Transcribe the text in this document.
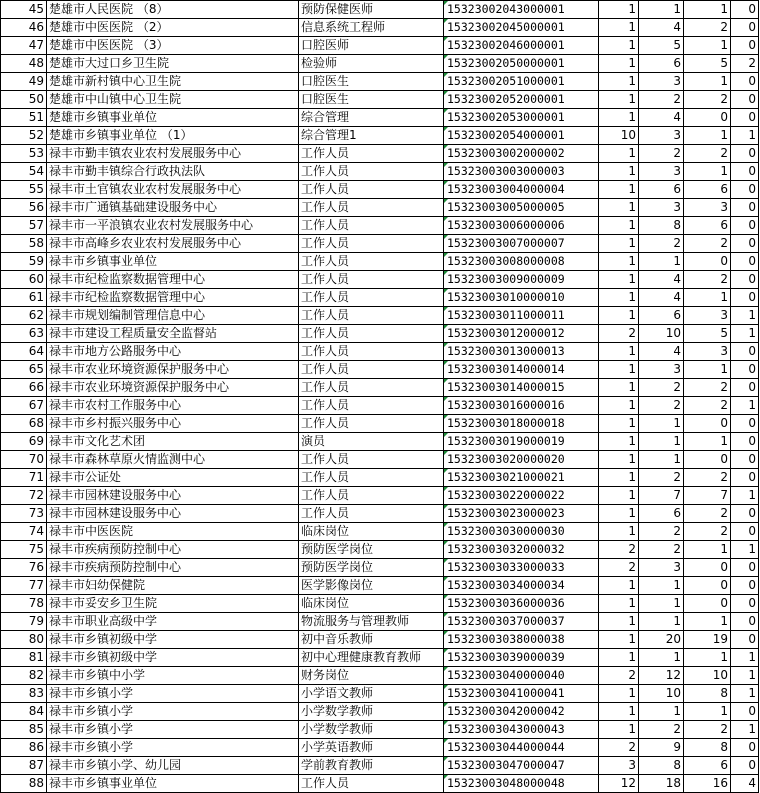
45	楚雄市人民医院 （8）	预防保健医师	15323002043000001	1	1	1	0
46	楚雄市中医医院 （2）	信息系统工程师	15323002045000001	1	4	2	0
47	楚雄市中医医院 （3）	口腔医师	15323002046000001	1	5	1	0
48	楚雄市大过口乡卫生院	检验师	15323002050000001	1	6	5	2
49	楚雄市新村镇中心卫生院	口腔医生	15323002051000001	1	3	1	0
50	楚雄市中山镇中心卫生院	口腔医生	15323002052000001	1	2	2	0
51	楚雄市乡镇事业单位	综合管理	15323002053000001	1	4	0	0
52	楚雄市乡镇事业单位 （1）	综合管理1	15323002054000001	10	3	1	1
53	禄丰市勤丰镇农业农村发展服务中心	工作人员	15323003002000002	1	2	2	0
54	禄丰市勤丰镇综合行政执法队	工作人员	15323003003000003	1	3	1	0
55	禄丰市土官镇农业农村发展服务中心	工作人员	15323003004000004	1	6	6	0
56	禄丰市广通镇基础建设服务中心	工作人员	15323003005000005	1	3	3	0
57	禄丰市一平浪镇农业农村发展服务中心	工作人员	15323003006000006	1	8	6	0
58	禄丰市高峰乡农业农村发展服务中心	工作人员	15323003007000007	1	2	2	0
59	禄丰市乡镇事业单位	工作人员	15323003008000008	1	1	0	0
60	禄丰市纪检监察数据管理中心	工作人员	15323003009000009	1	4	2	0
61	禄丰市纪检监察数据管理中心	工作人员	15323003010000010	1	4	1	0
62	禄丰市规划编制管理信息中心	工作人员	15323003011000011	1	6	3	1
63	禄丰市建设工程质量安全监督站	工作人员	15323003012000012	2	10	5	1
64	禄丰市地方公路服务中心	工作人员	15323003013000013	1	4	3	0
65	禄丰市农业环境资源保护服务中心	工作人员	15323003014000014	1	3	1	0
66	禄丰市农业环境资源保护服务中心	工作人员	15323003014000015	1	2	2	0
67	禄丰市农村工作服务中心	工作人员	15323003016000016	1	2	2	1
68	禄丰市乡村振兴服务中心	工作人员	15323003018000018	1	1	0	0
69	禄丰市文化艺术团	演员	15323003019000019	1	1	1	0
70	禄丰市森林草原火情监测中心	工作人员	15323003020000020	1	1	0	0
71	禄丰市公证处	工作人员	15323003021000021	1	2	2	0
72	禄丰市园林建设服务中心	工作人员	15323003022000022	1	7	7	1
73	禄丰市园林建设服务中心	工作人员	15323003023000023	1	6	2	0
74	禄丰市中医医院	临床岗位	15323003030000030	1	2	2	0
75	禄丰市疾病预防控制中心	预防医学岗位	15323003032000032	2	2	1	1
76	禄丰市疾病预防控制中心	预防医学岗位	15323003033000033	2	3	0	0
77	禄丰市妇幼保健院	医学影像岗位	15323003034000034	1	1	0	0
78	禄丰市妥安乡卫生院	临床岗位	15323003036000036	1	1	0	0
79	禄丰市职业高级中学	物流服务与管理教师	15323003037000037	1	1	1	0
80	禄丰市乡镇初级中学	初中音乐教师	15323003038000038	1	20	19	0
81	禄丰市乡镇初级中学	初中心理健康教育教师	15323003039000039	1	1	1	1
82	禄丰市乡镇中小学	财务岗位	15323003040000040	2	12	10	1
83	禄丰市乡镇小学	小学语文教师	15323003041000041	1	10	8	1
84	禄丰市乡镇小学	小学数学教师	15323003042000042	1	1	1	0
85	禄丰市乡镇小学	小学数学教师	15323003043000043	1	2	2	1
86	禄丰市乡镇小学	小学英语教师	15323003044000044	2	9	8	0
87	禄丰市乡镇小学、幼儿园	学前教育教师	15323003047000047	3	8	6	0
88	禄丰市乡镇事业单位	工作人员	15323003048000048	12	18	16	4
